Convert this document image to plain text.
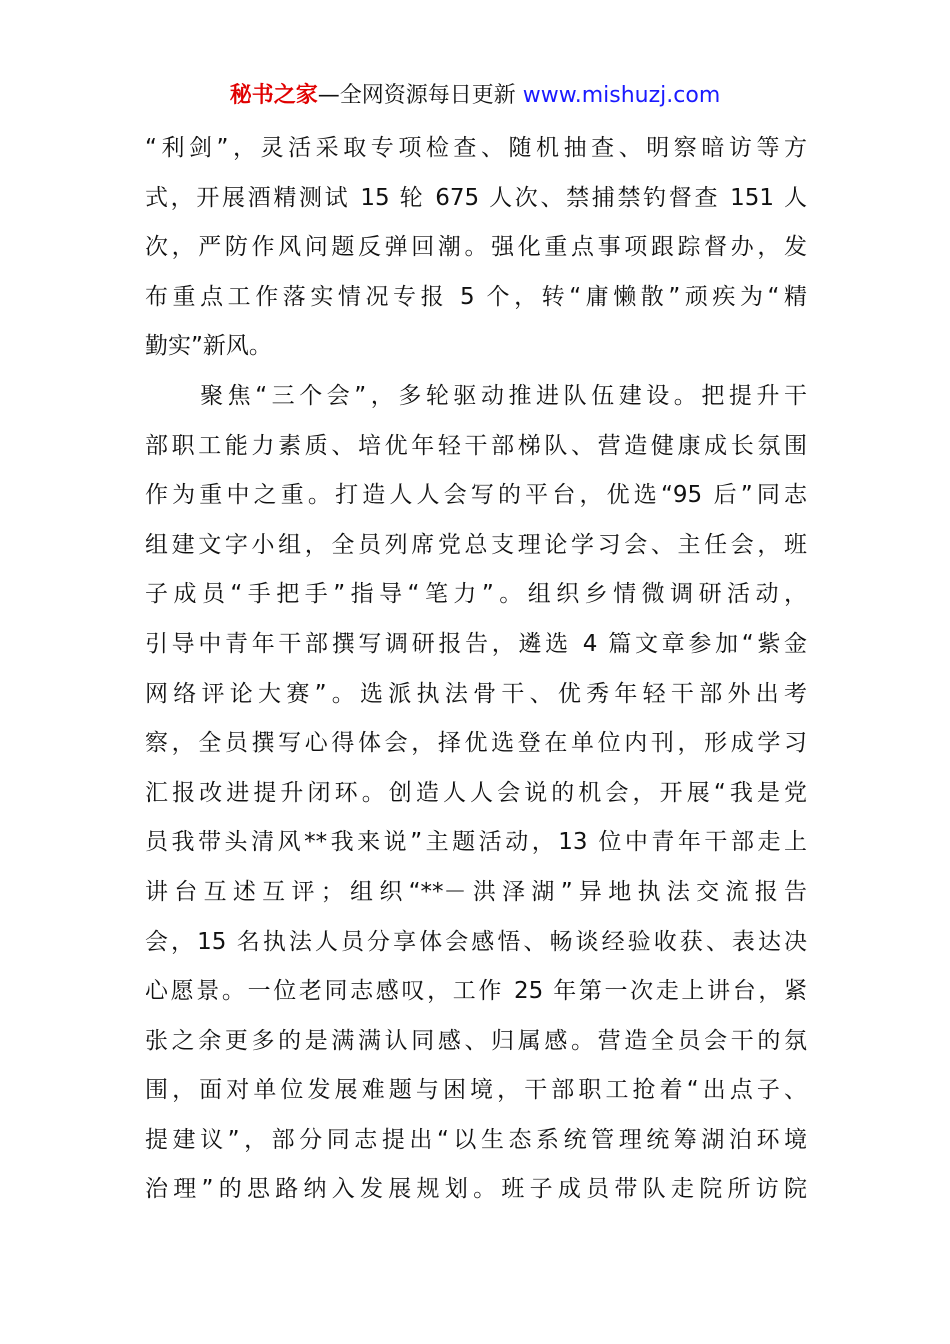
秘书之家—全网资源每日更新 www.mishuzj.com
“利剑”，灵活采取专项检查、随机抽查、明察暗访等方
式，开展酒精测试 15 轮 675 人次、禁捕禁钓督查 151 人
次，严防作风问题反弹回潮。强化重点事项跟踪督办，发
布重点工作落实情况专报 5 个，转“庸懒散”顽疾为“精
勤实”新风。
　　聚焦“三个会”，多轮驱动推进队伍建设。把提升干
部职工能力素质、培优年轻干部梯队、营造健康成长氛围
作为重中之重。打造人人会写的平台，优选“95 后”同志
组建文字小组，全员列席党总支理论学习会、主任会，班
子成员“手把手”指导“笔力”。组织乡情微调研活动，
引导中青年干部撰写调研报告，遴选 4 篇文章参加“紫金
网络评论大赛”。选派执法骨干、优秀年轻干部外出考
察，全员撰写心得体会，择优选登在单位内刊，形成学习
汇报改进提升闭环。创造人人会说的机会，开展“我是党
员我带头清风**我来说”主题活动，13 位中青年干部走上
讲台互述互评；组织“**－洪泽湖”异地执法交流报告
会，15 名执法人员分享体会感悟、畅谈经验收获、表达决
心愿景。一位老同志感叹，工作 25 年第一次走上讲台，紧
张之余更多的是满满认同感、归属感。营造全员会干的氛
围，面对单位发展难题与困境，干部职工抢着“出点子、
提建议”，部分同志提出“以生态系统管理统筹湖泊环境
治理”的思路纳入发展规划。班子成员带队走院所访院
